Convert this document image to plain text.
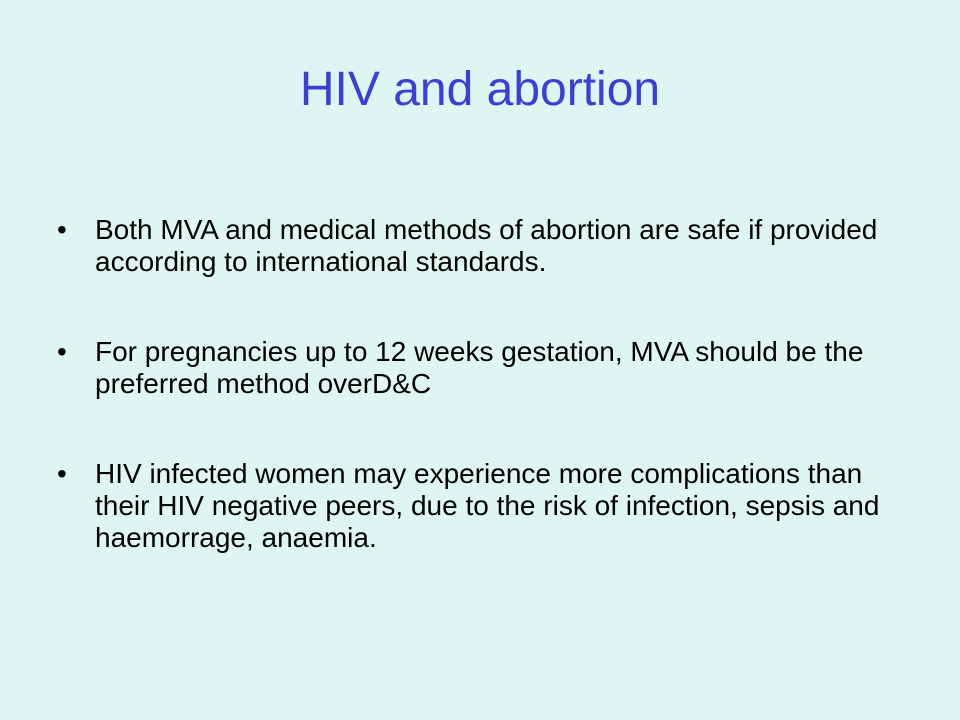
HIV and abortion
•	Both MVA and medical methods of abortion are safe if provided according to international standards.
•	For pregnancies up to 12 weeks gestation, MVA should be the preferred method overD&C
•	HIV infected women may experience more complications than their HIV negative peers, due to the risk of infection, sepsis and haemorrage, anaemia.
